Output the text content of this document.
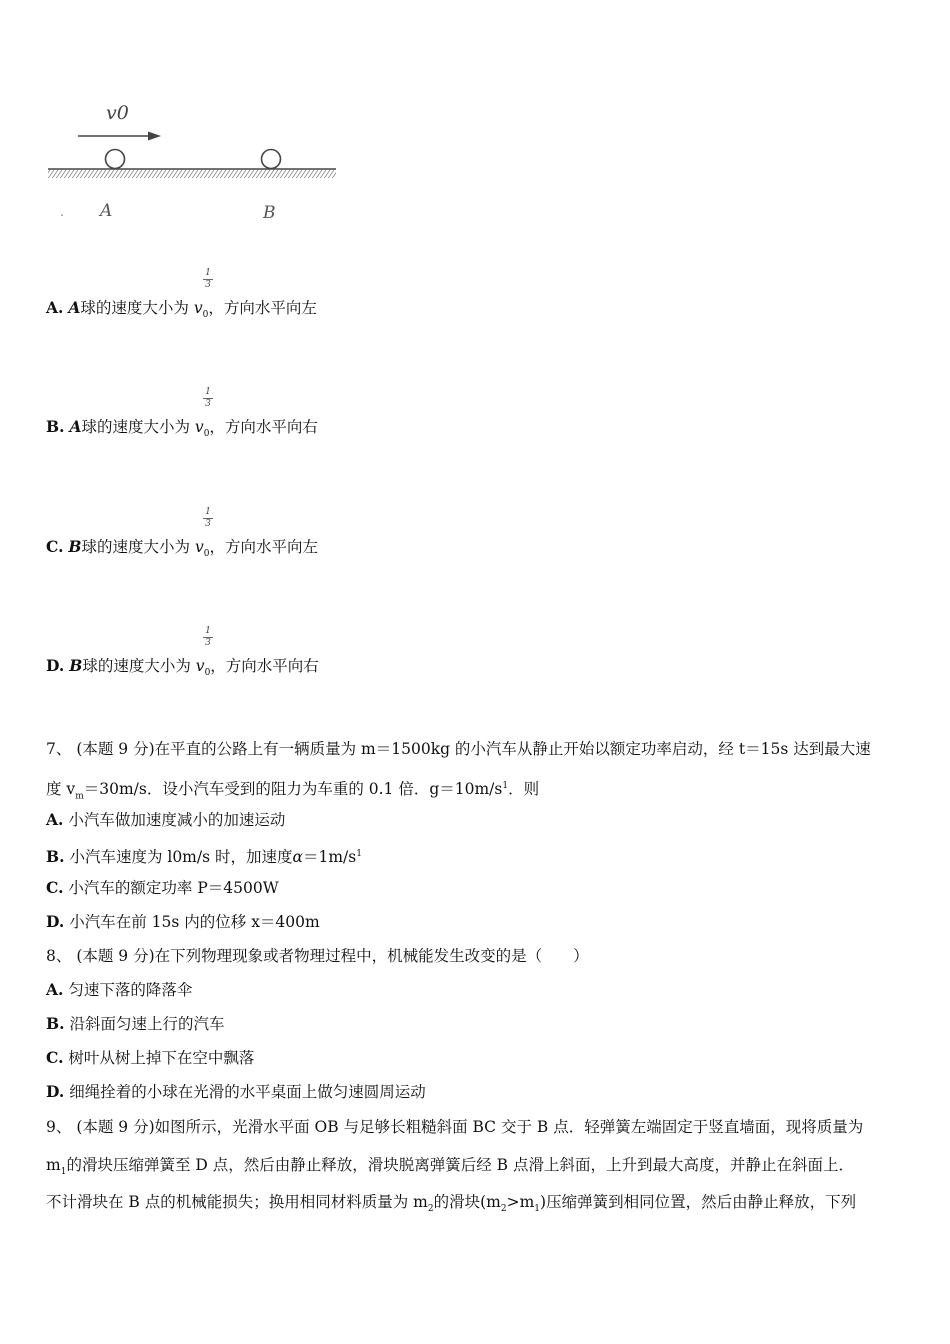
v0
. A	B
1
3
A. A球的速度大小为 $v_0$，方向水平向左
1
3
B. A球的速度大小为 $v_0$，方向水平向右
1
3
C. B球的速度大小为 $v_0$，方向水平向左
1
3
D. B球的速度大小为 $v_0$，方向水平向右
7、 (本题 9 分)在平直的公路上有一辆质量为 m＝1500kg 的小汽车从静止开始以额定功率启动，经 t＝15s 达到最大速
度 $v_m=30m/s$．设小汽车受到的阻力为车重的 0.1 倍．$g=10m/s^1$．则
A. 小汽车做加速度减小的加速运动
B. 小汽车速度为 l0m/s 时，加速度$\alpha=1m/s^1$
C. 小汽车的额定功率 P＝4500W
D. 小汽车在前 15s 内的位移 x＝400m
8、 (本题 9 分)在下列物理现象或者物理过程中，机械能发生改变的是（　　）
A. 匀速下落的降落伞
B. 沿斜面匀速上行的汽车
C. 树叶从树上掉下在空中飘落
D. 细绳拴着的小球在光滑的水平桌面上做匀速圆周运动
9、 (本题 9 分)如图所示，光滑水平面 OB 与足够长粗糙斜面 BC 交于 B 点．轻弹簧左端固定于竖直墙面，现将质量为
$m_1$的滑块压缩弹簧至 D 点，然后由静止释放，滑块脱离弹簧后经 B 点滑上斜面，上升到最大高度，并静止在斜面上．
不计滑块在 B 点的机械能损失；换用相同材料质量为 $m_2$的滑块$(m_2>m_1)$压缩弹簧到相同位置，然后由静止释放，下列
